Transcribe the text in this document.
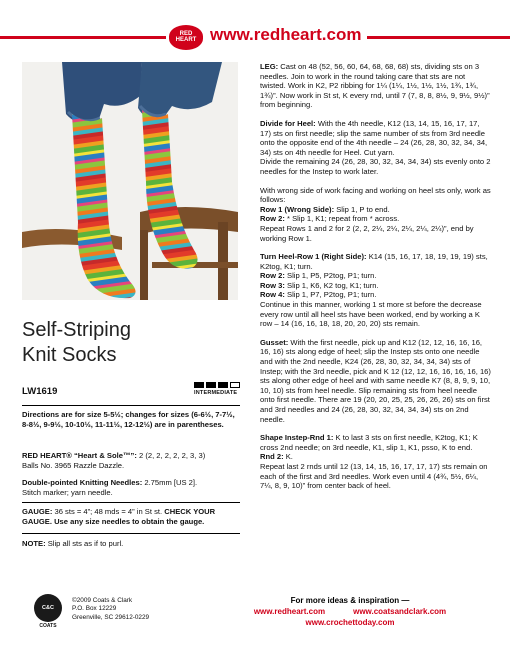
RED
HEART www.redheart.com
Self-Striping
Knit Socks
LW1619	INTERMEDIATE
Directions are for size 5-5½; changes for sizes (6-6½, 7-7½, 8-8½, 9-9½, 10-10½, 11-11½, 12-12½) are in parentheses.
RED HEART® “Heart & Sole™”: 2 (2, 2, 2, 2, 2, 3, 3)
Balls No. 3965 Razzle Dazzle.
Double-pointed Knitting Needles: 2.75mm [US 2].
Stitch marker; yarn needle.
GAUGE: 36 sts = 4”; 48 mds = 4” in St st. CHECK YOUR GAUGE. Use any size needles to obtain the gauge.
NOTE: Slip all sts as if to purl.

LEG: Cast on 48 (52, 56, 60, 64, 68, 68, 68) sts, dividing sts on 3 needles. Join to work in the round taking care that sts are not twisted. Work in K2, P2 ribbing for 1¼ (1¼, 1½, 1½, 1½, 1¾, 1¾, 1¾)”. Now work in St st, K every rnd, until 7 (7, 8, 8, 8½, 9, 9½, 9½)” from beginning.

Divide for Heel: With the 4th needle, K12 (13, 14, 15, 16, 17, 17, 17) sts on first needle; slip the same number of sts from 3rd needle onto the opposite end of the 4th needle – 24 (26, 28, 30, 32, 34, 34, 34) sts on 4th needle for Heel. Cut yarn.
Divide the remaining 24 (26, 28, 30, 32, 34, 34, 34) sts evenly onto 2 needles for the Instep to work later.

With wrong side of work facing and working on heel sts only, work as follows:
Row 1 (Wrong Side): Slip 1, P to end.
Row 2: * Slip 1, K1; repeat from * across.
Repeat Rows 1 and 2 for 2 (2, 2, 2¼, 2¼, 2¼, 2¼, 2¼)”, end by working Row 1.

Turn Heel-Row 1 (Right Side): K14 (15, 16, 17, 18, 19, 19, 19) sts, K2tog, K1; turn.
Row 2: Slip 1, P5, P2tog, P1; turn.
Row 3: Slip 1, K6, K2 tog, K1; turn.
Row 4: Slip 1, P7, P2tog, P1; turn.
Continue in this manner, working 1 st more st before the decrease every row until all heel sts have been worked, end by working a K row – 14 (16, 16, 18, 18, 20, 20, 20) sts remain.

Gusset: With the first needle, pick up and K12 (12, 12, 16, 16, 16, 16, 16) sts along edge of heel; slip the Instep sts onto one needle and with the 2nd needle, K24 (26, 28, 30, 32, 34, 34, 34) sts of Instep; with the 3rd needle, pick and K 12 (12, 12, 16, 16, 16, 16, 16) sts along other edge of heel and with same needle K7 (8, 8, 9, 9, 10, 10, 10) sts from heel needle. Slip remaining sts from heel needle onto first needle. There are 19 (20, 20, 25, 25, 26, 26, 26) sts on first and 3rd needles and 24 (26, 28, 30, 32, 34, 34, 34) sts on 2nd needle.

Shape Instep-Rnd 1: K to last 3 sts on first needle, K2tog, K1; K cross 2nd needle; on 3rd needle, K1, slip 1, K1, psso, K to end.
Rnd 2: K.
Repeat last 2 rnds until 12 (13, 14, 15, 16, 17, 17, 17) sts remain on each of the first and 3rd needles. Work even until 4 (4¾, 5½, 6¼, 7¼, 8, 9, 10)” from center back of heel.

C&C
COATS
©2009 Coats & Clark
P.O. Box 12229
Greenville, SC 29612-0229
For more ideas & inspiration —
www.redheart.com	www.coatsandclark.com
www.crochettoday.com
